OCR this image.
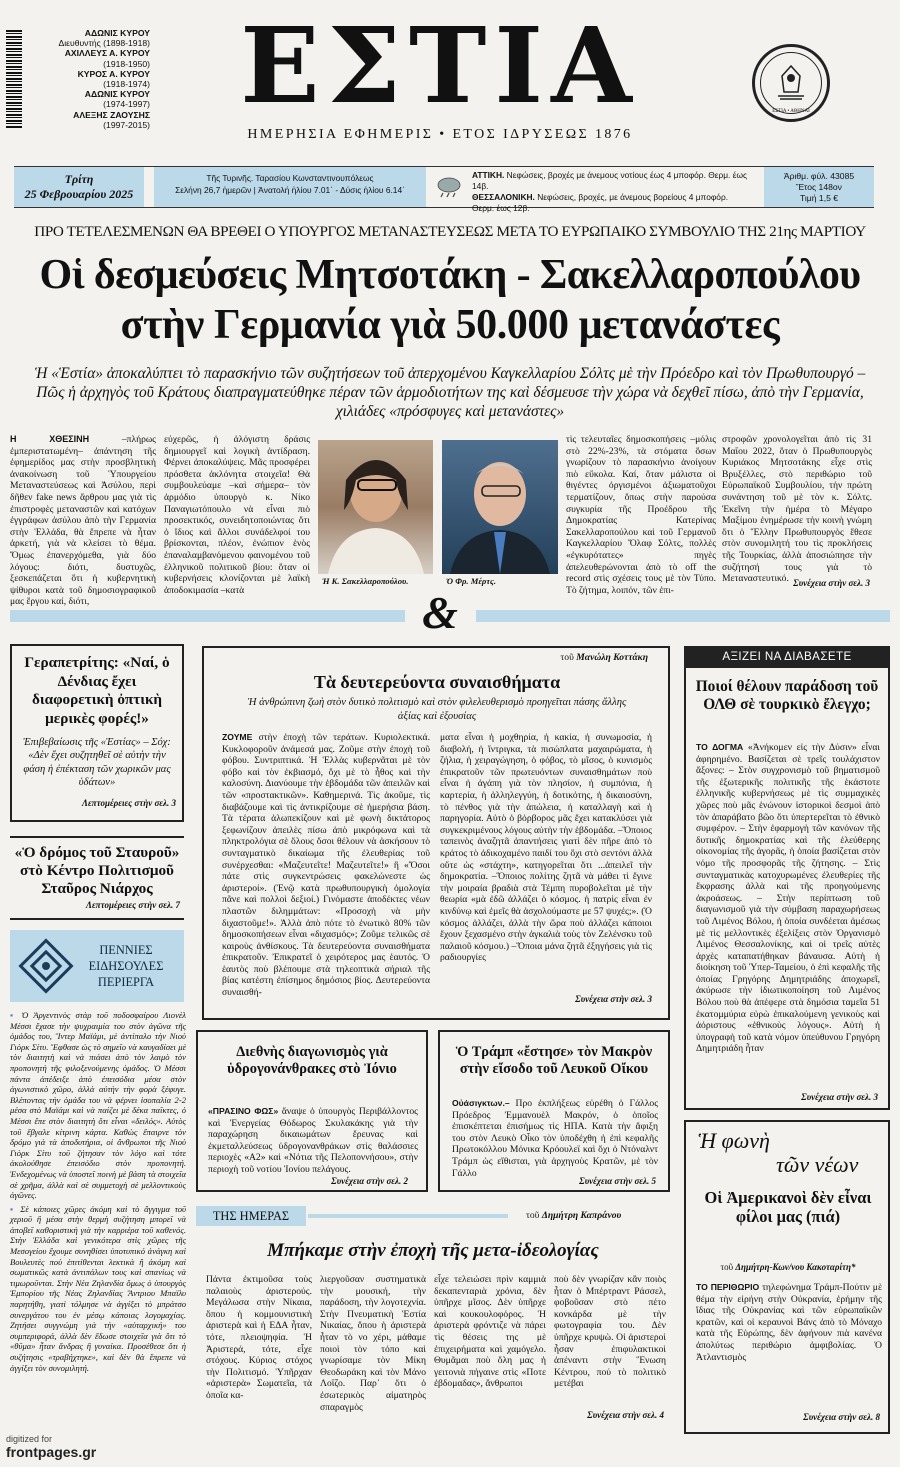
ΑΔΩΝΙΣ ΚΥΡΟΥ
Διευθυντής (1898-1918)
ΑΧΙΛΛΕΥΣ Α. ΚΥΡΟΥ
(1918-1950)
ΚΥΡΟΣ Α. ΚΥΡΟΥ
(1918-1974)
ΑΔΩΝΙΣ ΚΥΡΟΥ
(1974-1997)
ΑΛΕΞΗΣ ΖΑΟΥΣΗΣ
(1997-2015) ΕΣΤΙΑ
ΗΜΕΡΗΣΙΑ ΕΦΗΜΕΡΙΣ • ΕΤΟΣ ΙΔΡΥΣΕΩΣ 1876
ΕΣΤΙΑ • ΑΘΗΝΑΙ
Τρίτη
25 Φεβρουαρίου 2025
Τῆς Τυρινῆς. Ταρασίου Κωνσταντινουπόλεως
Σελήνη 26,7 ἡμερῶν | Ἀνατολή ἡλίου 7.01΄ - Δύσις ἡλίου 6.14΄
ΑΤΤΙΚΗ. Νεφώσεις, βροχές με άνεμους νοτίους έως 4 μποφόρ. Θερμ. έως 14β.
ΘΕΣΣΑΛΟΝΙΚΗ. Νεφώσεις, βροχές, με άνεμους βορείους 4 μποφόρ. Θερμ. έως 12β.
Ἀριθμ. φύλ. 43085
Ἔτος 148ον
Τιμή 1,5 €
ΠΡΟ ΤΕΤΕΛΕΣΜΕΝΩΝ ΘΑ ΒΡΕΘΕΙ Ο ΥΠΟΥΡΓΟΣ ΜΕΤΑΝΑΣΤΕΥΣΕΩΣ ΜΕΤΑ ΤΟ ΕΥΡΩΠΑΙΚΟ ΣΥΜΒΟΥΛΙΟ ΤΗΣ 21ης ΜΑΡΤΙΟΥ
Οἱ δεσμεύσεις Μητσοτάκη - Σακελλαροπούλου
στὴν Γερμανία γιὰ 50.000 μετανάστες
Ἡ «Ἑστία» ἀποκαλύπτει τὸ παρασκήνιο τῶν συζητήσεων τοῦ ἀπερχομένου Καγκελλαρίου Σόλτς μὲ τὴν Πρόεδρο καὶ τὸν Πρωθυπουργό – Πῶς ἡ ἀρχηγὸς τοῦ Κράτους διαπραγματεύθηκε πέραν τῶν ἁρμοδιοτήτων της καὶ δέσμευσε τὴν χώρα νὰ δεχθεῖ πίσω, ἀπὸ τὴν Γερμανία, χιλιάδες «πρόσφυγες καὶ μετανάστες»
Η ΧΘΕΣΙΝΗ	–πλήρως ἐμπεριστατωμένη– ἀπάντηση τῆς ἐφημερίδος μας στὴν προσβλητικὴ ἀνακοίνωση τοῦ Ὑπουργείου Μεταναστεύσεως καὶ Ἀσύλου, περὶ δῆθεν fake news ἄρθρου μας γιὰ τὶς ἐπιστροφὲς μεταναστῶν καὶ κατόχων ἐγγράφων ἀσύλου ἀπὸ τὴν Γερμανία στὴν Ἑλλάδα, θὰ ἔπρεπε νὰ ἦταν ἀρκετή, γιὰ νὰ κλείσει τὸ θέμα. Ὅμως ἐπανερχόμεθα, γιὰ δύο λόγους: διότι, δυστυχῶς, ξεσκεπάζεται ὅτι ἡ κυβερνητικὴ ψίθυροι κατὰ τοῦ δημοσιογραφικοῦ μας ἔργου καί, διότι,
εὐχερῶς, ἡ ἀλόγιστη δράσις δημιουργεῖ καὶ λογικὴ ἀντίδραση. Φέρνει ἀποκαλύψεις. Μᾶς προσφέρει πρόσθετα ἀκλόνητα στοιχεῖα! Θὰ συμβουλεύαμε –καὶ σήμερα– τὸν ἁρμόδιο ὑπουργὸ κ. Νίκο Παναγιωτόπουλο νὰ εἶναι πιὸ προσεκτικός, συνειδητοποιώντας ὅτι ὁ ἴδιος καὶ ἄλλοι συνάδελφοί του βρίσκονται, πλέον, ἐνώπιον ἑνὸς ἐπαναλαμβανόμενου φαινομένου τοῦ ἑλληνικοῦ πολιτικοῦ βίου: ὅταν οἱ κυβερνήσεις κλονίζονται μὲ λαϊκὴ ἀποδοκιμασία –κατὰ
Ἡ Κ. Σακελλαροπούλου.	Ὁ Φρ. Μέρτς.
τὶς τελευταῖες δημοσκοπήσεις –μόλις στὸ 22%-23%, τὰ στόματα ὅσων γνωρίζουν τὸ παρασκήνιο ἀνοίγουν πιὸ εὔκολα. Καί, ὅταν μάλιστα οἱ θιγέντες ὀργισμένοι ἀξιωματοῦχοι τερματίζουν, ὅπως στὴν παρούσα συγκυρία τῆς Προέδρου τῆς Δημοκρατίας Κατερίνας Σακελλαροπούλου καὶ τοῦ Γερμανοῦ Καγκελλαρίου Ὄλαφ Σόλτς, πολλὲς «ἐγκυρότατες» πηγὲς ἀπελευθερώνονται ἀπὸ τὸ off the record στὶς σχέσεις τους μὲ τὸν Τύπο. Τὸ ζήτημα, λοιπόν, τῶν ἐπι-
στροφῶν χρονολογεῖται ἀπὸ τὶς 31 Μαΐου 2022, ὅταν ὁ Πρωθυπουργὸς Κυριάκος Μητσοτάκης εἶχε στὶς Βρυξέλλες, στὸ περιθώριο τοῦ Εὐρωπαϊκοῦ Συμβουλίου, τὴν πρώτη συνάντηση τοῦ μὲ τὸν κ. Σόλτς. Ἐκεῖνη τὴν ἡμέρα τὸ Μέγαρο Μαξίμου ἐνημέρωσε τὴν κοινὴ γνώμη ὅτι ὁ Ἕλλην Πρωθυπουργὸς ἔθεσε στὸν συνομιλητή του τὶς προκλήσεις τῆς Τουρκίας, ἀλλὰ ἀποσιώπησε τὴν συζήτησή τους γιὰ τὸ Μεταναστευτικό. Συνέχεια στὴν σελ. 3
&
Γεραπετρίτης: «Ναί, ὁ Δένδιας ἔχει διαφορετικὴ ὀπτικὴ μερικὲς φορές!»
Ἐπιβεβαίωσις τῆς «Ἑστίας» – Σόχ: «Δὲν ἔχει συζητηθεῖ σὲ αὐτὴν τὴν φάση ἡ ἐπέκταση τῶν χωρικῶν μας ὑδάτων»
Λεπτομέρειες στὴν σελ. 3
«Ὁ δρόμος τοῦ Σταυροῦ» στὸ Κέντρο Πολιτισμοῦ Σταῦρος Νιάρχος
Λεπτομέρειες στὴν σελ. 7
ΠΕΝΝΙΕΣ
ΕΙΔΗΣΟΥΛΕΣ
ΠΕΡΙΕΡΓΑ

▪ Ὁ Ἀργεντινὸς στὰρ τοῦ ποδοσφαίρου Λιονὲλ Μέσσι ἔχασε τὴν ψυχραιμία του στὸν ἀγῶνα τῆς ὁμάδος του, Ἴντερ Μαϊάμι, μὲ ἀντίπαλο τὴν Νιοὺ Γιὸρκ Σίτυ. Ἔφθασε ὡς τὸ σημεῖο νὰ καυγαδίσει μὲ τὸν διαιτητὴ καὶ νὰ πιάσει ἀπὸ τὸν λαιμὸ τὸν προπονητὴ τῆς φιλοξενούμενης ὁμάδος. Ὁ Μέσσι πάντα ἀπέδειξε ἀπὸ ἐπεισόδια μέσα στὸν ἀγωνιστικὸ χῶρο, ἀλλὰ αὐτὴν τὴν φορὰ ξέφυγε. Βλέποντας τὴν ὁμάδα του νὰ φέρνει ἰσοπαλία 2-2 μέσα στὸ Μαϊάμι καὶ νὰ παίζει μὲ δέκα παῖκτες, ὁ Μέσσι ἔπε στὸν διαιτητὴ ὅτι εἶναι «δειλός». Αὐτὸς τοῦ ἔβγαλε κίτρινη κάρτα. Καθὼς ἔπαιρνε τὸν δρόμο γιὰ τὰ ἀποδυτήρια, οἱ ἄνθρωποι τῆς Νιοὺ Γιὸρκ Σίτυ τοῦ ζήτησαν τὸν λόγο καὶ τότε ἀκολούθησε ἐπεισόδιο στὸν προπονητή. Ἐνδεχομένως νὰ ὑποστεῖ ποινὴ μὲ βάση τὰ στοιχεῖα σὲ χρῆμα, ἀλλὰ καὶ σὲ συμμετοχὴ σὲ μελλοντικοὺς ἀγῶνες.

▪ Σὲ κάποιες χῶρες ἀκόμη καὶ τὸ ἄγγιγμα τοῦ χεριοῦ ἢ μέσα στὴν θερμὴ συζήτηση μπορεῖ νὰ ἀποβεῖ καθοριστικὴ γιὰ τὴν καρριέρα τοῦ καθενός. Στὴν Ἑλλάδα καὶ γενικότερα στὶς χῶρες τῆς Μεσογείου ἔχουμε συνηθίσει ὑποτυπικό ἀνάγκη καὶ Βουλευτὲς ποὺ ἐπιτίθενται λεκτικὰ ἢ ἀκόμη καὶ σωματικῶς κατὰ ἀντιπάλων τους καὶ σπανίως νὰ τιμωροῦνται. Στὴν Νέα Ζηλανδία ὅμως ὁ ὑπουργὸς Ἐμπορίου τῆς Νέας Ζηλανδίας Ἄντριου Μπαϊλυ παρητήθη, γιατὶ τόλμησε νὰ ἀγγίξει τὸ μπράτσο συνεργάτου του ἐν μέσῳ κάποιας λογομαχίας. Ζητήσει συγγνώμη γιὰ τὴν «αὐταρχική» του συμπεριφορά, ἀλλὰ δὲν ἔδωσε στοιχεῖα γιὰ ὅτι τὸ «θῦμα» ἦταν ἄνδρας ἢ γυναίκα. Προσέθεσε ὅτι ἡ συζήτησις «τραβήχτηκε», καὶ δὲν θὰ ἔπρεπε νὰ ἀγγίξει τὸν συνομιλητή.

τοῦ Μανώλη Κοττάκη
Τὰ δευτερεύοντα συναισθήματα
Ἡ ἀνθρώπινη ζωὴ στὸν δυτικὸ πολιτισμὸ καὶ στὸν φιλελευθερισμὸ προηγεῖται πάσης ἄλλης ἀξίας καὶ ἐξουσίας
ΖΟΥΜΕ στὴν ἐποχὴ τῶν τεράτων. Κυριολεκτικά. Κυκλοφοροῦν ἀνάμεσά μας. Ζοῦμε στὴν ἐποχὴ τοῦ φόβου. Συντριπτικά. Ἡ Ἑλλὰς κυβερνᾶται μὲ τὸν φόβο καὶ τὸν ἐκβιασμό, ὄχι μὲ τὸ ἦθος καὶ τὴν καλοσύνη. Διανύουμε τὴν ἑβδομάδα τῶν ἀπειλῶν καὶ τῶν «προστακτικῶν». Καθημερινά. Τὶς ἀκοῦμε, τὶς διαβάζουμε καὶ τὶς ἀντικρίζουμε σὲ ἡμερήσια βάση. Τὰ τέρατα ἀλωπεκίζουν καὶ μὲ φωνὴ δικτάτορος ξεφωνίζουν ἀπειλὲς πίσω ἀπὸ μικρόφωνα καὶ τὰ πληκτρολόγια σὲ ὅλους ὅσοι θέλουν νὰ ἀσκήσουν τὸ συνταγματικὸ δικαίωμα τῆς ἐλευθερίας τοῦ συνέρχεσθαι: «Μαζευτεῖτε! Μαζευτεῖτε!» ἢ «Ὅσοι πάτε στὶς συγκεντρώσεις φακελώνεστε ὡς ἀριστεροί». (Ἐνῷ κατὰ πρωθυπουργικὴ ὁμολογία πᾶνε καὶ πολλοὶ δεξιοί.) Γινόμαστε ἀποδέκτες νέων πλαστῶν διλημμάτων: «Προσοχὴ νὰ μὴν διχαστοῦμε!». Ἀλλὰ ἀπὸ πότε τὸ ἐνωτικὸ 80% τῶν δημοσκοπήσεων εἶναι «διχασμός»; Ζοῦμε τελικῶς σὲ καιροὺς ἀνθίσκους. Τὰ δευτερεύοντα συναισθήματα ἐπικρατοῦν. Ἐπικρατεῖ ὁ χειρότερος μας ἑαυτός. Ὁ ἑαυτὸς ποὺ βλέπουμε στὰ τηλεοπτικὰ σήριαλ τῆς βίας κατέστη ἐπίσημος δημόσιος βίος. Δευτερεύοντα συναισθή-
ματα εἶναι ἡ μοχθηρία, ἡ κακία, ἡ συνωμοσία, ἡ διαβολή, ἡ ἴντριγκα, τὰ πισώπλατα μαχαιρώματα, ἡ ζήλια, ἡ χειραγώγηση, ὁ φόβος, τὸ μῖσος, ὁ κυνισμὸς ἐπικρατοῦν τῶν πρωτευόντων συναισθημάτων ποὺ εἶναι ἡ ἀγάπη γιὰ τὸν πλησίον, ἡ συμπόνια, ἡ καρτερία, ἡ ἀλληλεγγύη, ἡ δοτικότης, ἡ δικαιοσύνη, τὸ πένθος γιὰ τὴν ἀπώλεια, ἡ καταλλαγὴ καὶ ἡ παρηγορία. Αὐτὸ ὁ βόρβορος μᾶς ἔχει κατακλύσει γιὰ συγκεκριμένους λόγους αὐτὴν τὴν ἑβδομάδα. –Ὅποιος ταπεινὸς ἀναζητᾶ ἀπαντήσεις γιατὶ δὲν πῆρε ἀπὸ τὸ κράτος τὸ ἀδικοχαμένο παιδί του ὅχι στὸ σεντόνι ἀλλὰ οὔτε ὡς «στάχτη», κατηγορεῖται ὅτι ...ἀπειλεῖ τὴν δημοκρατία. –Ὅποιος πολίτης ζητᾶ νὰ μάθει τὶ ἔγινε τὴν μοιραία βραδιὰ στὰ Τέμπη πυροβολεῖται μὲ τὴν θεωρία «μὰ ἐδῶ ἀλλάζει ὁ κόσμος. ἡ πατρὶς εἶναι ἐν κινδύνῳ καὶ ἐμεῖς θὰ ἀσχολούμαστε με 57 ψυχές;». (Ὁ κόσμος ἀλλάζει, ἀλλὰ τὴν ὥρα ποὺ ἀλλάζει κάποιοι ἔχουν ξεχασμένο στὴν ἀγκαλιὰ τοὺς τὸν Ζελένσκυ τοῦ παλαιοῦ κόσμου.) –Ὅποια μάνα ζητᾶ ἐξηγήσεις γιὰ τὶς ραδιουργίες
Συνέχεια στὴν σελ. 3
Διεθνὴς διαγωνισμὸς γιὰ ὑδρογονάνθρακες στὸ Ἰόνιο
«ΠΡΑΣΙΝΟ ΦΩΣ» ἄναψε ὁ ὑπουργὸς Περιβάλλοντος καὶ Ἐνεργείας Θόδωρος Σκυλακάκης γιὰ τὴν παραχώρηση δικαιωμάτων ἔρευνας καὶ ἐκμεταλλεύσεως ὑδρογονανθράκων στὶς θαλάσσιες περιοχὲς «Α2» καὶ «Νότια τῆς Πελοποννήσου», στὴν περιοχὴ τοῦ νοτίου Ἰονίου πελάγους.
Συνέχεια στὴν σελ. 2
Ὁ Τράμπ «ἔστησε» τὸν Μακρὸν στὴν εἴσοδο τοῦ Λευκοῦ Οἴκου
Οὐάσιγκτων.– Προ ἐκπλήξεως εὑρέθη ὁ Γάλλος Πρόεδρος Ἐμμανουὲλ Μακρόν, ὁ ὁποῖος ἐπισκέπτεται ἐπισήμως τὶς ΗΠΑ. Κατὰ τὴν ἄφιξη του στὸν Λευκὸ Οἶκο τὸν ὑποδέχθη ἡ ἐπὶ κεφαλῆς Πρωτοκόλλου Μόνικα Κρόουλεϊ καὶ ὄχι ὁ Ντόναλντ Τράμπ ὡς εἴθισται, γιὰ ἀρχηγοὺς Κρατῶν, μὲ τὸν Γάλλο
Συνέχεια στὴν σελ. 5
ΤΗΣ ΗΜΕΡΑΣ	τοῦ Δημήτρη Καπράνου
Μπήκαμε στὴν ἐποχὴ τῆς μετα-ἰδεολογίας
Πάντα ἐκτιμοῦσα τοὺς παλαιοὺς ἀριστερούς. Μεγάλωσα στὴν Νίκαια, ὅπου ἡ κομμουνιστικὴ ἀριστερὰ καὶ ἡ ΕΔΑ ἦταν, τότε, πλειοψηφία. Ἡ Ἀριστερά, τότε, εἶχε στόχους. Κύριος στόχος τὴν Πολιτισμό. Ὑπῆρχαν «ἀριστερὰ» Σωματεῖα, τὰ ὁποῖα κα-
λιεργοῦσαν συστηματικὰ τὴν μουσική, τὴν παράδοση, τὴν λογοτεχνία. Στὴν Πνευματικὴ Ἑστία Νικαίας, ὅπου ἡ ἀριστερὰ ἦταν τὸ νο χέρι, μάθαμε ποιοὶ τὸν τόπο καὶ γνωρίσαμε τὸν Μίκη Θεοδωράκη καὶ τὸν Μάνο Λοΐζο. Παρ᾽ ὅτι ὁ ἐσωτερικὸς αἰματηρὸς σπαραγμὸς
εἶχε τελειώσει πρὶν καμμιὰ δεκαπενταριὰ χρόνια, δὲν ὑπῆρχε μῖσος. Δὲν ὑπῆρχε καὶ κουκουλοφόρος. Ἡ ἀριστερὰ φρόντιζε νὰ πάρει τὶς θέσεις της μὲ ἐπιχειρήματα καὶ χαμόγελο. Θυμᾶμαι ποὺ ὅλη μας ἡ γειτονιὰ πήγαινε στὶς «Ποτε ἐβδομαδας», ἄνθρωποι
ποὺ δὲν γνωρίζαν κἂν ποιὸς ἦταν ὁ Μπέρτραντ Ράσσελ, φοβοῦσαν στὸ πέτο κονκάρδα μὲ τὴν φωτογραφία του. Δὲν ὑπῆρχε κρυψὼ. Οἱ ἀριστεροὶ ἦσαν ἐπιφυλακτικοὶ ἀπέναντι στὴν Ἕνωση Κέντρου, πού τὸ πολιτικὸ μετέβαι
Συνέχεια στὴν σελ. 4
ΑΞΙΖΕΙ ΝΑ ΔΙΑΒΑΣΕΤΕ
Ποιοί θέλουν παράδοση τοῦ ΟΛΘ σὲ τουρκικὸ ἔλεγχο;
ΤΟ ΔΟΓΜΑ «Ἀνήκομεν εἰς τὴν Δύσιν» εἶναι ἀφηρημένο. Βασίζεται σὲ τρεῖς τουλάχιστον ἄξονες: – Στὸν συγχρονισμὸ τοῦ βηματισμοῦ τῆς ἐξωτερικῆς πολιτικῆς τῆς ἑκάστοτε ἑλληνικῆς κυβερνήσεως μὲ τὶς συμμαχικὲς χῶρες ποὺ μᾶς ἑνώνουν ἱστορικοὶ δεσμοὶ ἀπὸ τὸν ἀπαράβατο βῶο ὅτι ὑπερτερεῖται τὸ ἐθνικὸ συμφέρον. – Στὴν ἐφαρμογὴ τῶν κανόνων τῆς δυτικῆς δημοκρατίας καὶ τῆς ἐλεύθερης οἰκονομίας τῆς ἀγορᾶς, ἡ ὁποία βασίζεται στὸν νόμο τῆς προσφορᾶς τῆς ζήτησης. – Στὶς συνταγματικὰς κατοχυρωμένες ἐλευθερίες τῆς ἔκφρασης ἀλλὰ καὶ τῆς προηγούμενης ἀκροάσεως. – Στὴν περίπτωση τοῦ διαγωνισμοῦ γιὰ τὴν σύμβαση παραχωρήσεως τοῦ Λιμένος Βόλου, ἡ ὁποία συνδέεται ἀμέσως μὲ τὶς μελλοντικὲς ἐξελίξεις στὸν Ὀργανισμὸ Λιμένος Θεσσαλονίκης, καὶ οἱ τρεῖς αὐτὲς ἀρχὲς καταπατήθηκαν βάναυσα. Αὐτὴ ἡ διοίκηση τοῦ Ὑπερ-Ταμείου, ὁ ἐπὶ κεφαλῆς τῆς ὁποίας Γρηγόρης Δημητριάδης ἀποχωρεῖ, ἀκύρωσε τὴν ἰδιωτικοποίηση τοῦ Λιμένος Βόλου ποὺ θὰ ἀπέφερε στὰ δημόσια ταμεῖα 51 ἑκατομμύρια εὐρὼ ἐπικαλούμενη γενικοὺς καὶ ἀόριστους «ἐθνικοὺς λόγους». Αὐτὴ ἡ ὑπογραφὴ τοῦ κατὰ νόμον ὑπεύθυνου Γρηγόρη Δημητριάδη ἦταν
Συνέχεια στὴν σελ. 3
Ἡ φωνὴ
τῶν νέων
Οἱ Ἀμερικανοὶ δὲν εἶναι φίλοι μας (πιά)
τοῦ Δημήτρη-Κων/νου Κακοταρίτη*
ΤΟ ΠΕΡΙΘΩΡΙΟ τηλεφώνημα Τράμπ-Πούτιν μὲ θέμα τὴν εἰρήνη στὴν Οὐκρανία, ἐρήμην τῆς ἴδιας τῆς Οὐκρανίας καὶ τῶν εὐρωπαϊκῶν κρατῶν, καὶ οἱ κεραυνοὶ Βάνς ἀπὸ τὸ Μόναχο κατὰ τῆς Εὐρώπης, δὲν ἀφήνουν πιὰ κανένα ἀπολύτως περιθώριο ἀμφιβολίας. Ὁ Ἀτλαντισμὸς
Συνέχεια στὴν σελ. 8
digitized for
frontpages.gr
